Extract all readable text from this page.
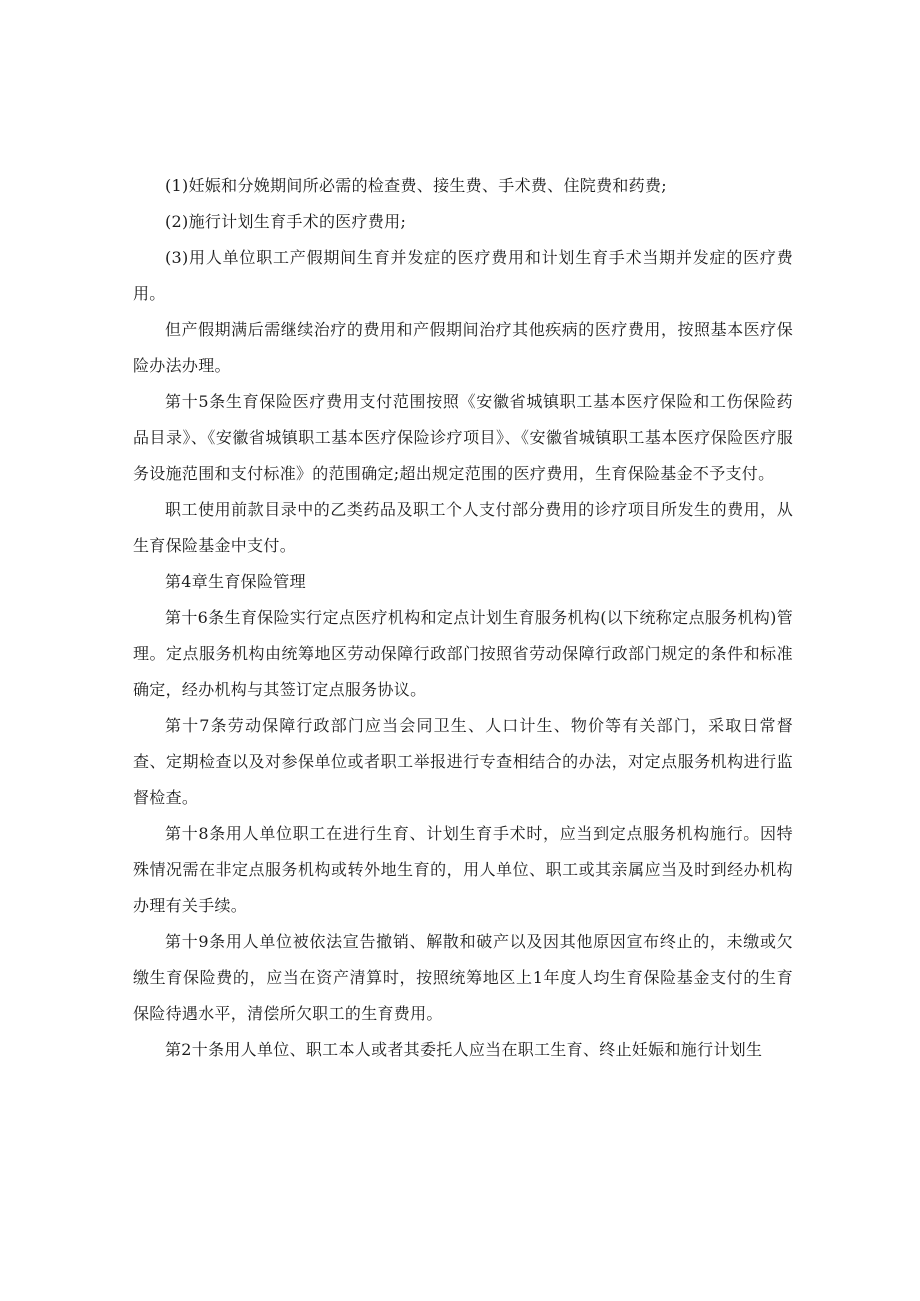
(1)妊娠和分娩期间所必需的检查费、接生费、手术费、住院费和药费;

(2)施行计划生育手术的医疗费用;

(3)用人单位职工产假期间生育并发症的医疗费用和计划生育手术当期并发症的医疗费用。

但产假期满后需继续治疗的费用和产假期间治疗其他疾病的医疗费用，按照基本医疗保险办法办理。

第十5条生育保险医疗费用支付范围按照《安徽省城镇职工基本医疗保险和工伤保险药品目录》、《安徽省城镇职工基本医疗保险诊疗项目》、《安徽省城镇职工基本医疗保险医疗服务设施范围和支付标准》的范围确定;超出规定范围的医疗费用，生育保险基金不予支付。

职工使用前款目录中的乙类药品及职工个人支付部分费用的诊疗项目所发生的费用，从生育保险基金中支付。

第4章生育保险管理

第十6条生育保险实行定点医疗机构和定点计划生育服务机构(以下统称定点服务机构)管理。定点服务机构由统筹地区劳动保障行政部门按照省劳动保障行政部门规定的条件和标准确定，经办机构与其签订定点服务协议。

第十7条劳动保障行政部门应当会同卫生、人口计生、物价等有关部门，采取日常督查、定期检查以及对参保单位或者职工举报进行专查相结合的办法，对定点服务机构进行监督检查。

第十8条用人单位职工在进行生育、计划生育手术时，应当到定点服务机构施行。因特殊情况需在非定点服务机构或转外地生育的，用人单位、职工或其亲属应当及时到经办机构办理有关手续。

第十9条用人单位被依法宣告撤销、解散和破产以及因其他原因宣布终止的，未缴或欠缴生育保险费的，应当在资产清算时，按照统筹地区上1年度人均生育保险基金支付的生育保险待遇水平，清偿所欠职工的生育费用。

第2十条用人单位、职工本人或者其委托人应当在职工生育、终止妊娠和施行计划生
